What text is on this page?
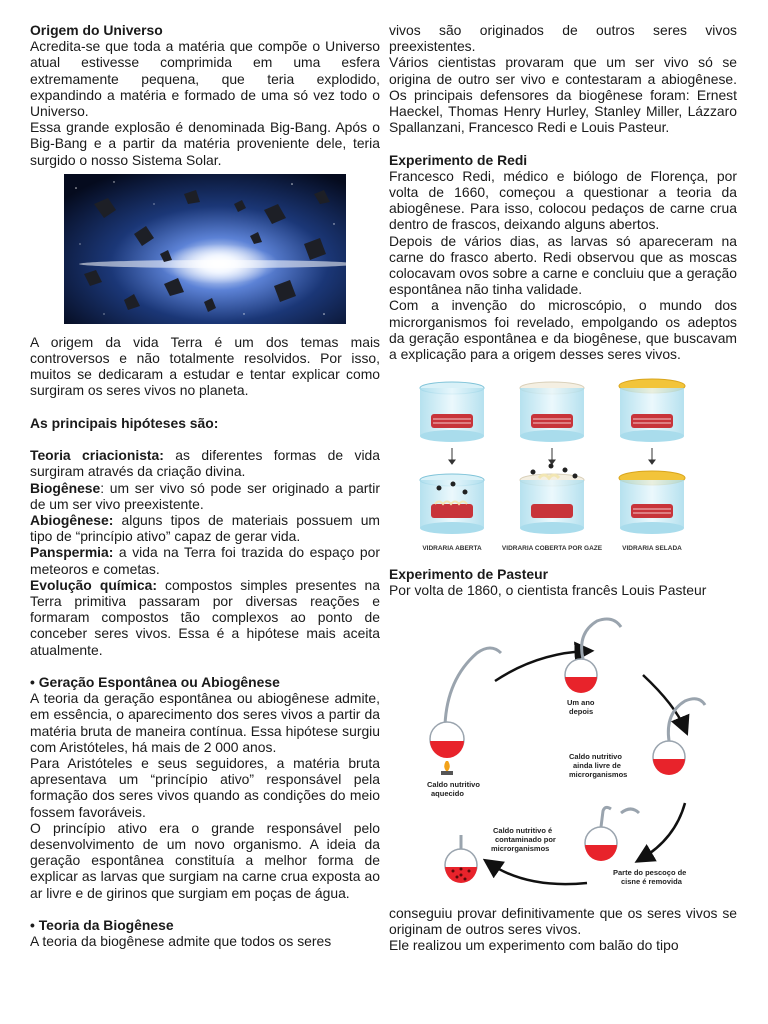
Origem do Universo

Acredita-se que toda a matéria que compõe o Universo atual estivesse comprimida em uma esfera extremamente pequena, que teria explodido, expandindo a matéria e formado de uma só vez todo o Universo.

Essa grande explosão é denominada Big-Bang. Após o Big-Bang e a partir da matéria proveniente dele, teria surgido o nosso Sistema Solar.

A origem da vida Terra é um dos temas mais controversos e não totalmente resolvidos. Por isso, muitos se dedicaram a estudar e tentar explicar como surgiram os seres vivos no planeta.

As principais hipóteses são:

Teoria criacionista: as diferentes formas de vida surgiram através da criação divina.

Biogênese: um ser vivo só pode ser originado a partir de um ser vivo preexistente.

Abiogênese: alguns tipos de materiais possuem um tipo de “princípio ativo” capaz de gerar vida.

Panspermia: a vida na Terra foi trazida do espaço por meteoros e cometas.

Evolução química: compostos simples presentes na Terra primitiva passaram por diversas reações e formaram compostos tão complexos ao ponto de conceber seres vivos. Essa é a hipótese mais aceita atualmente.

• Geração Espontânea ou Abiogênese

A teoria da geração espontânea ou abiogênese admite, em essência, o aparecimento dos seres vivos a partir da matéria bruta de maneira contínua. Essa hipótese surgiu com Aristóteles, há mais de 2 000 anos.

Para Aristóteles e seus seguidores, a matéria bruta apresentava um “princípio ativo” responsável pela formação dos seres vivos quando as condições do meio fossem favoráveis.

O princípio ativo era o grande responsável pelo desenvolvimento de um novo organismo. A ideia da geração espontânea constituía a melhor forma de explicar as larvas que surgiam na carne crua exposta ao ar livre e de girinos que surgiam em poças de água.

• Teoria da Biogênese

A teoria da biogênese admite que todos os seres

vivos são originados de outros seres vivos preexistentes.

Vários cientistas provaram que um ser vivo só se origina de outro ser vivo e contestaram a abiogênese. Os principais defensores da biogênese foram: Ernest Haeckel, Thomas Henry Hurley, Stanley Miller, Lázzaro Spallanzani, Francesco Redi e Louis Pasteur.

Experimento de Redi

Francesco Redi, médico e biólogo de Florença, por volta de 1660, começou a questionar a teoria da abiogênese. Para isso, colocou pedaços de carne crua dentro de frascos, deixando alguns abertos.

Depois de vários dias, as larvas só apareceram na carne do frasco aberto. Redi observou que as moscas colocavam ovos sobre a carne e concluiu que a geração espontânea não tinha validade.

Com a invenção do microscópio, o mundo dos microrganismos foi revelado, empolgando os adeptos da geração espontânea e da biogênese, que buscavam a explicação para a origem desses seres vivos.

VIDRARIA ABERTA	VIDRARIA COBERTA POR GAZE	VIDRARIA SELADA

Experimento de Pasteur

Por volta de 1860, o cientista francês Louis Pasteur

Caldo nutritivo
aquecido
Um ano
depois
Caldo nutritivo
ainda livre de
microrganismos
Parte do pescoço de
cisne é removida
Caldo nutritivo é
contaminado por
microrganismos

conseguiu provar definitivamente que os seres vivos se originam de outros seres vivos.

Ele realizou um experimento com balão do tipo
